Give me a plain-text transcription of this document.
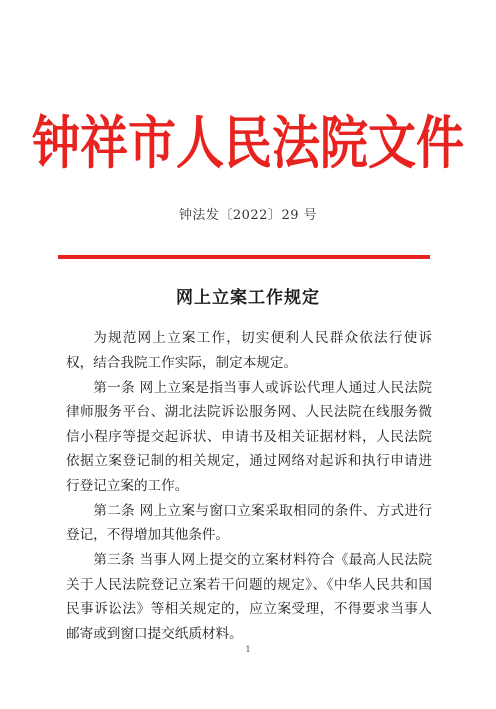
钟祥市人民法院文件
钟法发〔2022〕29 号
网上立案工作规定

为规范网上立案工作，切实便利人民群众依法行使诉权，结合我院工作实际，制定本规定。

第一条 网上立案是指当事人或诉讼代理人通过人民法院律师服务平台、湖北法院诉讼服务网、人民法院在线服务微信小程序等提交起诉状、申请书及相关证据材料，人民法院依据立案登记制的相关规定，通过网络对起诉和执行申请进行登记立案的工作。

第二条 网上立案与窗口立案采取相同的条件、方式进行登记，不得增加其他条件。

第三条 当事人网上提交的立案材料符合《最高人民法院关于人民法院登记立案若干问题的规定》、《中华人民共和国民事诉讼法》等相关规定的，应立案受理，不得要求当事人邮寄或到窗口提交纸质材料。

1
